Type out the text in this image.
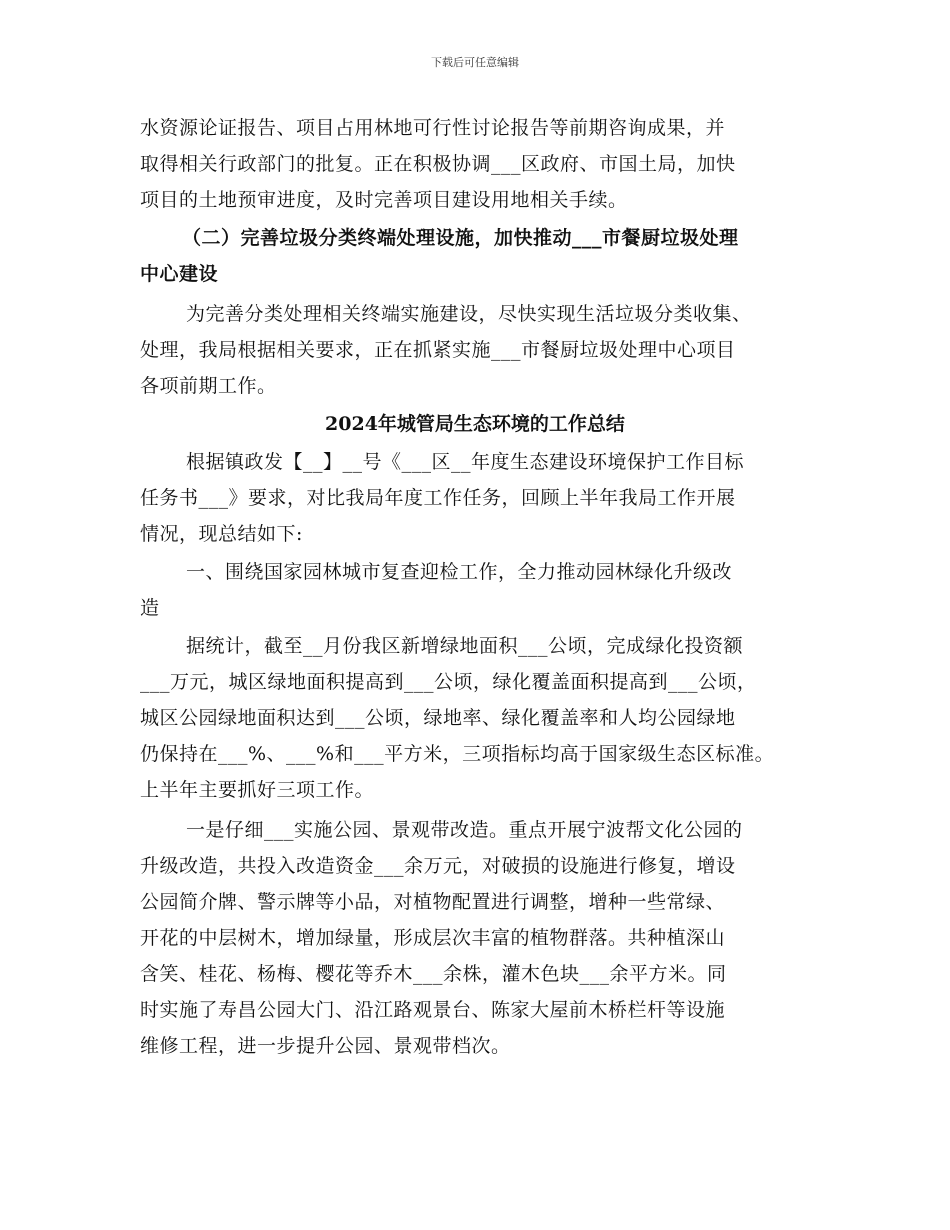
下载后可任意编辑
水资源论证报告、项目占用林地可行性讨论报告等前期咨询成果，并
取得相关行政部门的批复。正在积极协调___区政府、市国土局，加快
项目的土地预审进度，及时完善项目建设用地相关手续。
（二）完善垃圾分类终端处理设施，加快推动___市餐厨垃圾处理
中心建设
为完善分类处理相关终端实施建设，尽快实现生活垃圾分类收集、
处理，我局根据相关要求，正在抓紧实施___市餐厨垃圾处理中心项目
各项前期工作。
2024年城管局生态环境的工作总结
根据镇政发【__】__号《___区__年度生态建设环境保护工作目标
任务书___》要求，对比我局年度工作任务，回顾上半年我局工作开展
情况，现总结如下:
一、围绕国家园林城市复查迎检工作，全力推动园林绿化升级改
造
据统计，截至__月份我区新增绿地面积___公顷，完成绿化投资额
___万元，城区绿地面积提高到___公顷，绿化覆盖面积提高到___公顷，
城区公园绿地面积达到___公顷，绿地率、绿化覆盖率和人均公园绿地
仍保持在___%、___%和___平方米，三项指标均高于国家级生态区标准。
上半年主要抓好三项工作。
一是仔细___实施公园、景观带改造。重点开展宁波帮文化公园的
升级改造，共投入改造资金___余万元，对破损的设施进行修复，增设
公园简介牌、警示牌等小品，对植物配置进行调整，增种一些常绿、
开花的中层树木，增加绿量，形成层次丰富的植物群落。共种植深山
含笑、桂花、杨梅、樱花等乔木___余株，灌木色块___余平方米。同
时实施了寿昌公园大门、沿江路观景台、陈家大屋前木桥栏杆等设施
维修工程，进一步提升公园、景观带档次。
